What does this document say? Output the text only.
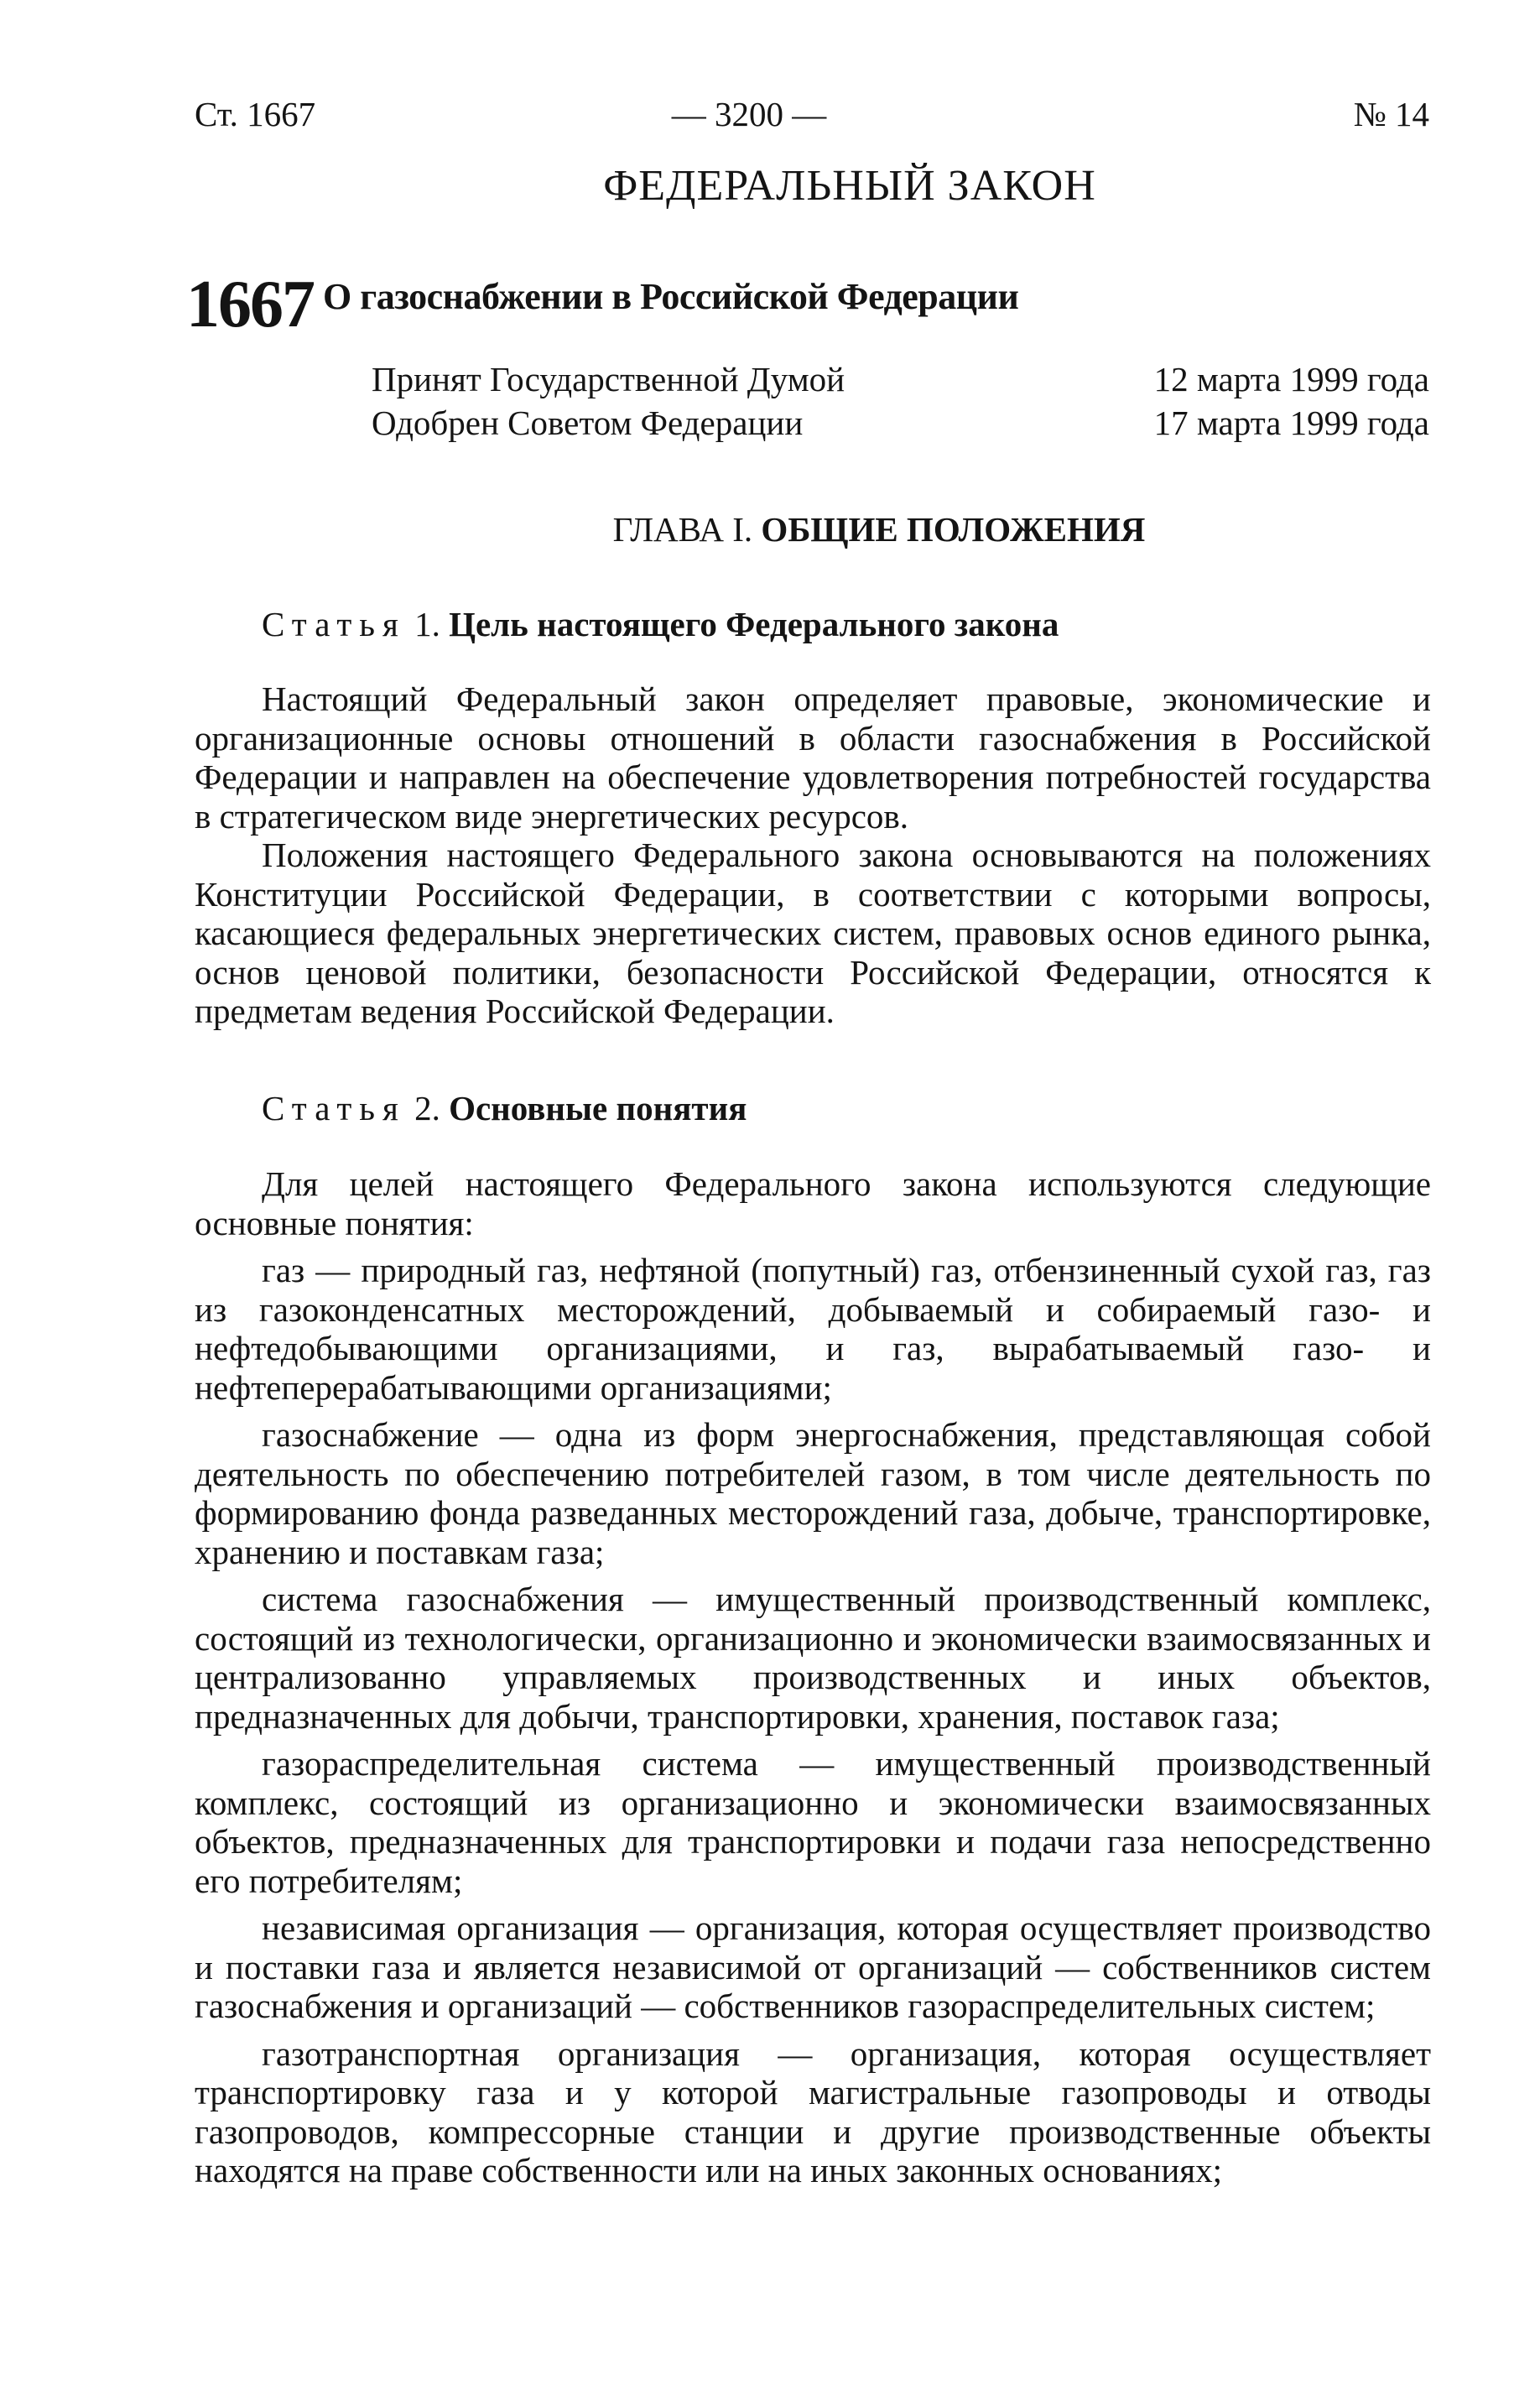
Ст. 1667	— 3200 —	№ 14
ФЕДЕРАЛЬНЫЙ ЗАКОН
1667 О газоснабжении в Российской Федерации
Принят Государственной Думой	12 марта 1999 года
Одобрен Советом Федерации	17 марта 1999 года
ГЛАВА I. ОБЩИЕ ПОЛОЖЕНИЯ
Статья 1. Цель настоящего Федерального закона

Настоящий Федеральный закон определяет правовые, экономические и организационные основы отношений в области газоснабжения в Российской Федерации и направлен на обеспечение удовлетворения потребностей государства в стратегическом виде энергетических ресурсов.

Положения настоящего Федерального закона основываются на положениях Конституции Российской Федерации, в соответствии с которыми вопросы, касающиеся федеральных энергетических систем, правовых основ единого рынка, основ ценовой политики, безопасности Российской Федерации, относятся к предметам ведения Российской Федерации.

Статья 2. Основные понятия

Для целей настоящего Федерального закона используются следующие основные понятия:

газ — природный газ, нефтяной (попутный) газ, отбензиненный сухой газ, газ из газоконденсатных месторождений, добываемый и собираемый газо- и нефтедобывающими организациями, и газ, вырабатываемый газо- и нефтеперерабатывающими организациями;

газоснабжение — одна из форм энергоснабжения, представляющая собой деятельность по обеспечению потребителей газом, в том числе деятельность по формированию фонда разведанных месторождений газа, добыче, транспортировке, хранению и поставкам газа;

система газоснабжения — имущественный производственный комплекс, состоящий из технологически, организационно и экономически взаимосвязанных и централизованно управляемых производственных и иных объектов, предназначенных для добычи, транспортировки, хранения, поставок газа;

газораспределительная система — имущественный производственный комплекс, состоящий из организационно и экономически взаимосвязанных объектов, предназначенных для транспортировки и подачи газа непосредственно его потребителям;

независимая организация — организация, которая осуществляет производство и поставки газа и является независимой от организаций — собственников систем газоснабжения и организаций — собственников газораспределительных систем;

газотранспортная организация — организация, которая осуществляет транспортировку газа и у которой магистральные газопроводы и отводы газопроводов, компрессорные станции и другие производственные объекты находятся на праве собственности или на иных законных основаниях;
